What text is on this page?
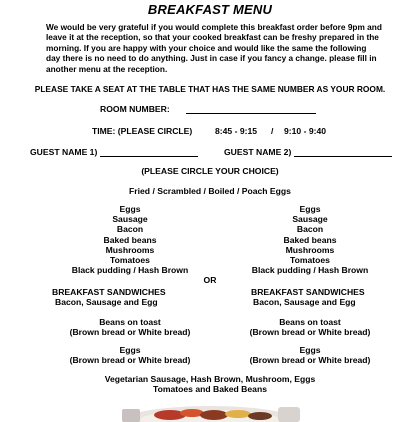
BREAKFAST MENU
We would be very grateful if you would complete this breakfast order before 9pm and leave it at the reception, so that your cooked breakfast can be freshy prepared in the morning. If you are happy with your choice and would like the same the following day there is no need to do anything. Just in case if you fancy a change. please fill in another menu at the reception.
PLEASE TAKE A SEAT AT THE TABLE THAT HAS THE SAME NUMBER AS YOUR ROOM.
ROOM NUMBER:
TIME: (PLEASE CIRCLE)	8:45 - 9:15 / 9:10 - 9:40
GUEST NAME 1)	GUEST NAME 2)
(PLEASE CIRCLE YOUR CHOICE)
Fried / Scrambled / Boiled / Poach Eggs
Eggs
Sausage
Bacon
Baked beans
Mushrooms
Tomatoes
Black pudding / Hash Brown
Eggs
Sausage
Bacon
Baked beans
Mushrooms
Tomatoes
Black pudding / Hash Brown
OR
BREAKFAST SANDWICHES
Bacon, Sausage and Egg
BREAKFAST SANDWICHES
Bacon, Sausage and Egg
Beans on toast
(Brown bread or White bread)
Beans on toast
(Brown bread or White bread)
Eggs
(Brown bread or White bread)
Eggs
(Brown bread or White bread)
Vegetarian Sausage, Hash Brown, Mushroom, Eggs
Tomatoes and Baked Beans
